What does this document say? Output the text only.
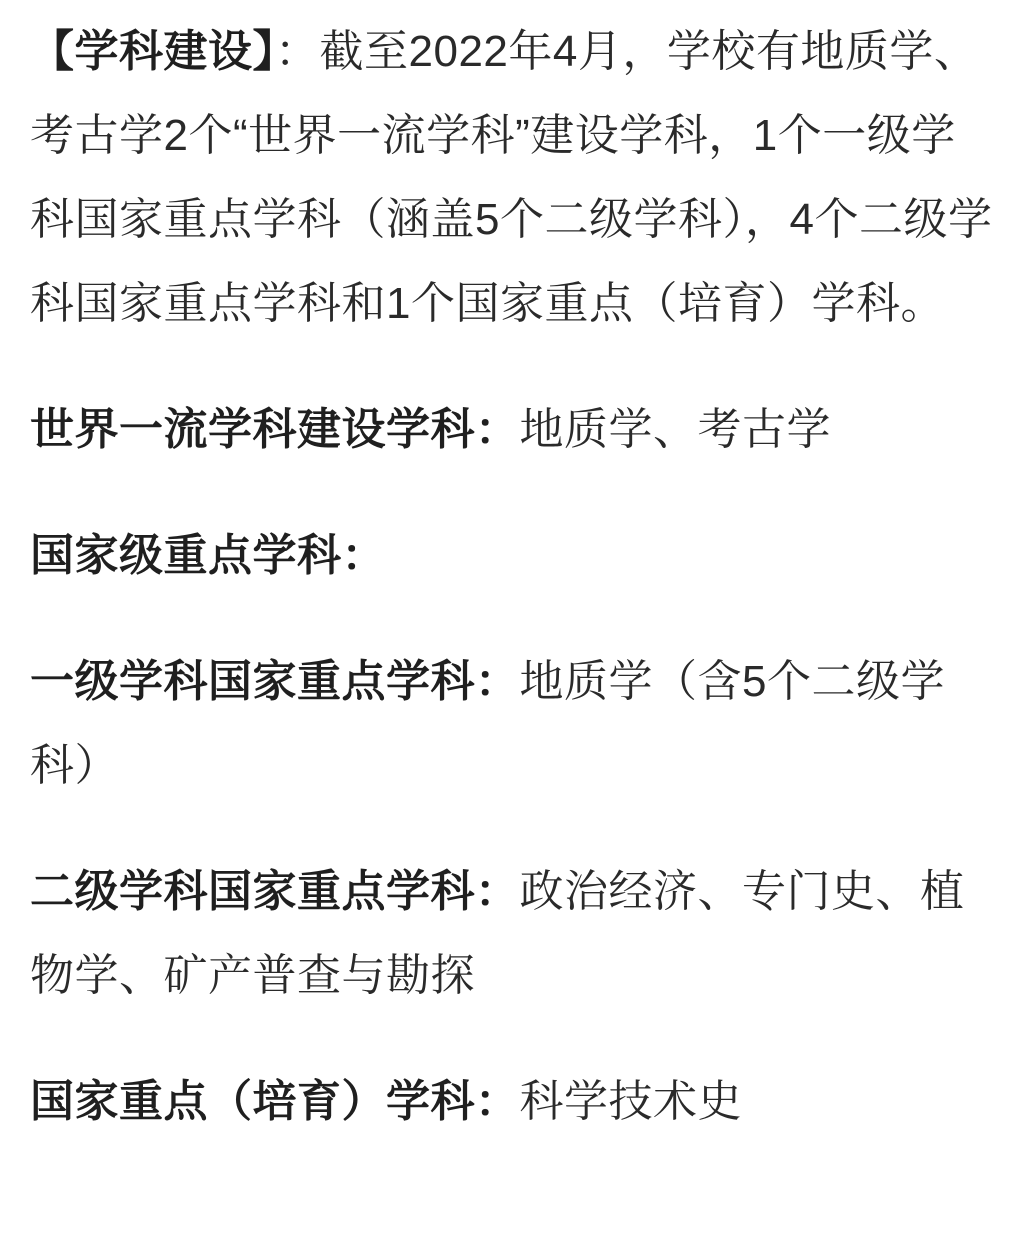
【学科建设】：截至2022年4月，学校有地质学、考古学2个“世界一流学科”建设学科，1个一级学科国家重点学科（涵盖5个二级学科），4个二级学科国家重点学科和1个国家重点（培育）学科。

世界一流学科建设学科：地质学、考古学

国家级重点学科：

一级学科国家重点学科：地质学（含5个二级学科）

二级学科国家重点学科：政治经济、专门史、植物学、矿产普查与勘探

国家重点（培育）学科：科学技术史
